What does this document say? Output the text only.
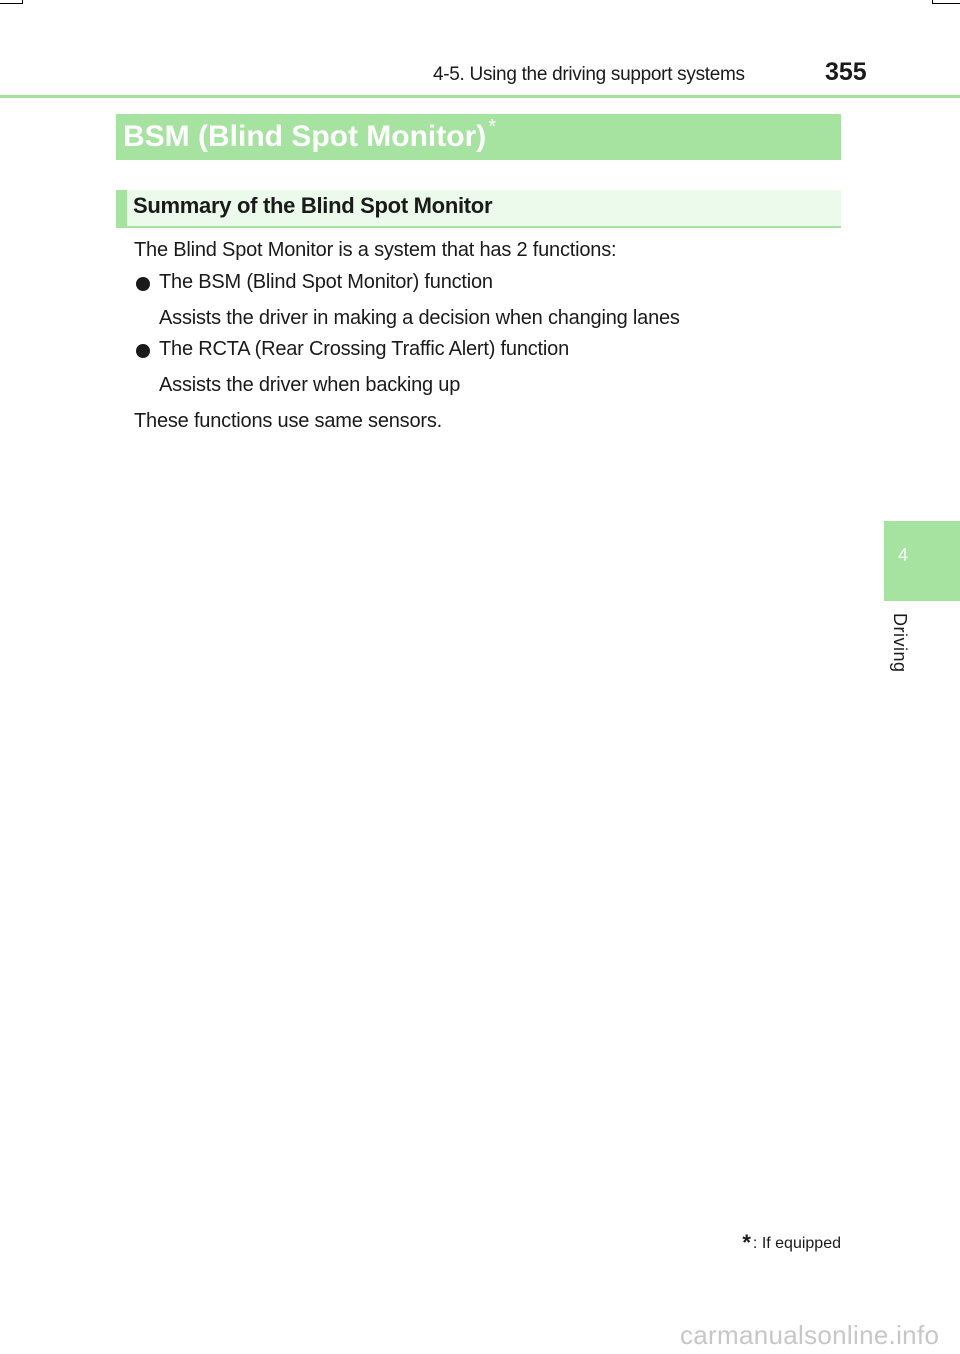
4-5. Using the driving support systems	355
BSM (Blind Spot Monitor) *
Summary of the Blind Spot Monitor
The Blind Spot Monitor is a system that has 2 functions:
The BSM (Blind Spot Monitor) function
Assists the driver in making a decision when changing lanes
The RCTA (Rear Crossing Traffic Alert) function
Assists the driver when backing up
These functions use same sensors.
4
Driving
* : If equipped
carmanualsonline.info
